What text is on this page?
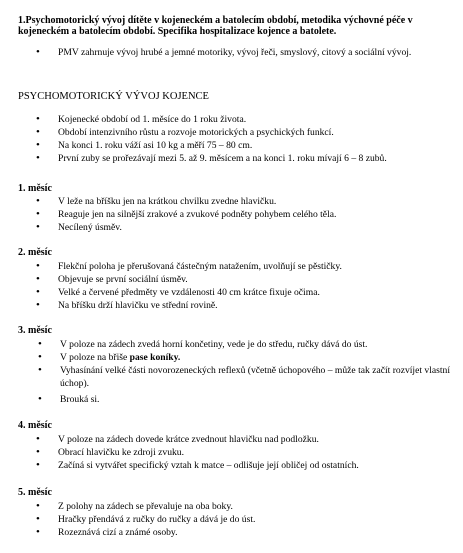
1.Psychomotorický vývoj dítěte v kojeneckém a batolecím období, metodika výchovné péče v kojeneckém a batolecím období. Specifika hospitalizace kojence a batolete.

• PMV zahrnuje vývoj hrubé a jemné motoriky, vývoj řeči, smyslový, citový a sociální vývoj.

PSYCHOMOTORICKÝ VÝVOJ KOJENCE

• Kojenecké období od 1. měsíce do 1 roku života.
• Období intenzivního růstu a rozvoje motorických a psychických funkcí.
• Na konci 1. roku váží asi 10 kg a měří 75 – 80 cm.
• První zuby se prořezávají mezi 5. až 9. měsícem a na konci 1. roku mívají 6 – 8 zubů.

1. měsíc

• V leže na bříšku jen na krátkou chvilku zvedne hlavičku.
• Reaguje jen na silnější zrakové a zvukové podněty pohybem celého těla.
• Necílený úsměv.

2. měsíc

• Flekční poloha je přerušovaná částečným natažením, uvolňují se pěstičky.
• Objevuje se první sociální úsměv.
• Velké a červené předměty ve vzdálenosti 40 cm krátce fixuje očima.
• Na bříšku drží hlavičku ve střední rovině.

3. měsíc

• V poloze na zádech zvedá horní končetiny, vede je do středu, ručky dává do úst.
• V poloze na břiše pase koníky.
• Vyhasínání velké části novorozeneckých reflexů (včetně úchopového – může tak začít rozvíjet vlastní úchop).
• Brouká si.

4. měsíc

• V poloze na zádech dovede krátce zvednout hlavičku nad podložku.
• Obrací hlavičku ke zdroji zvuku.
• Začíná si vytvářet specifický vztah k matce – odlišuje její obličej od ostatních.

5. měsíc

• Z polohy na zádech se převaluje na oba boky.
• Hračky přendává z ručky do ručky a dává je do úst.
• Rozeznává cizí a známé osoby.
